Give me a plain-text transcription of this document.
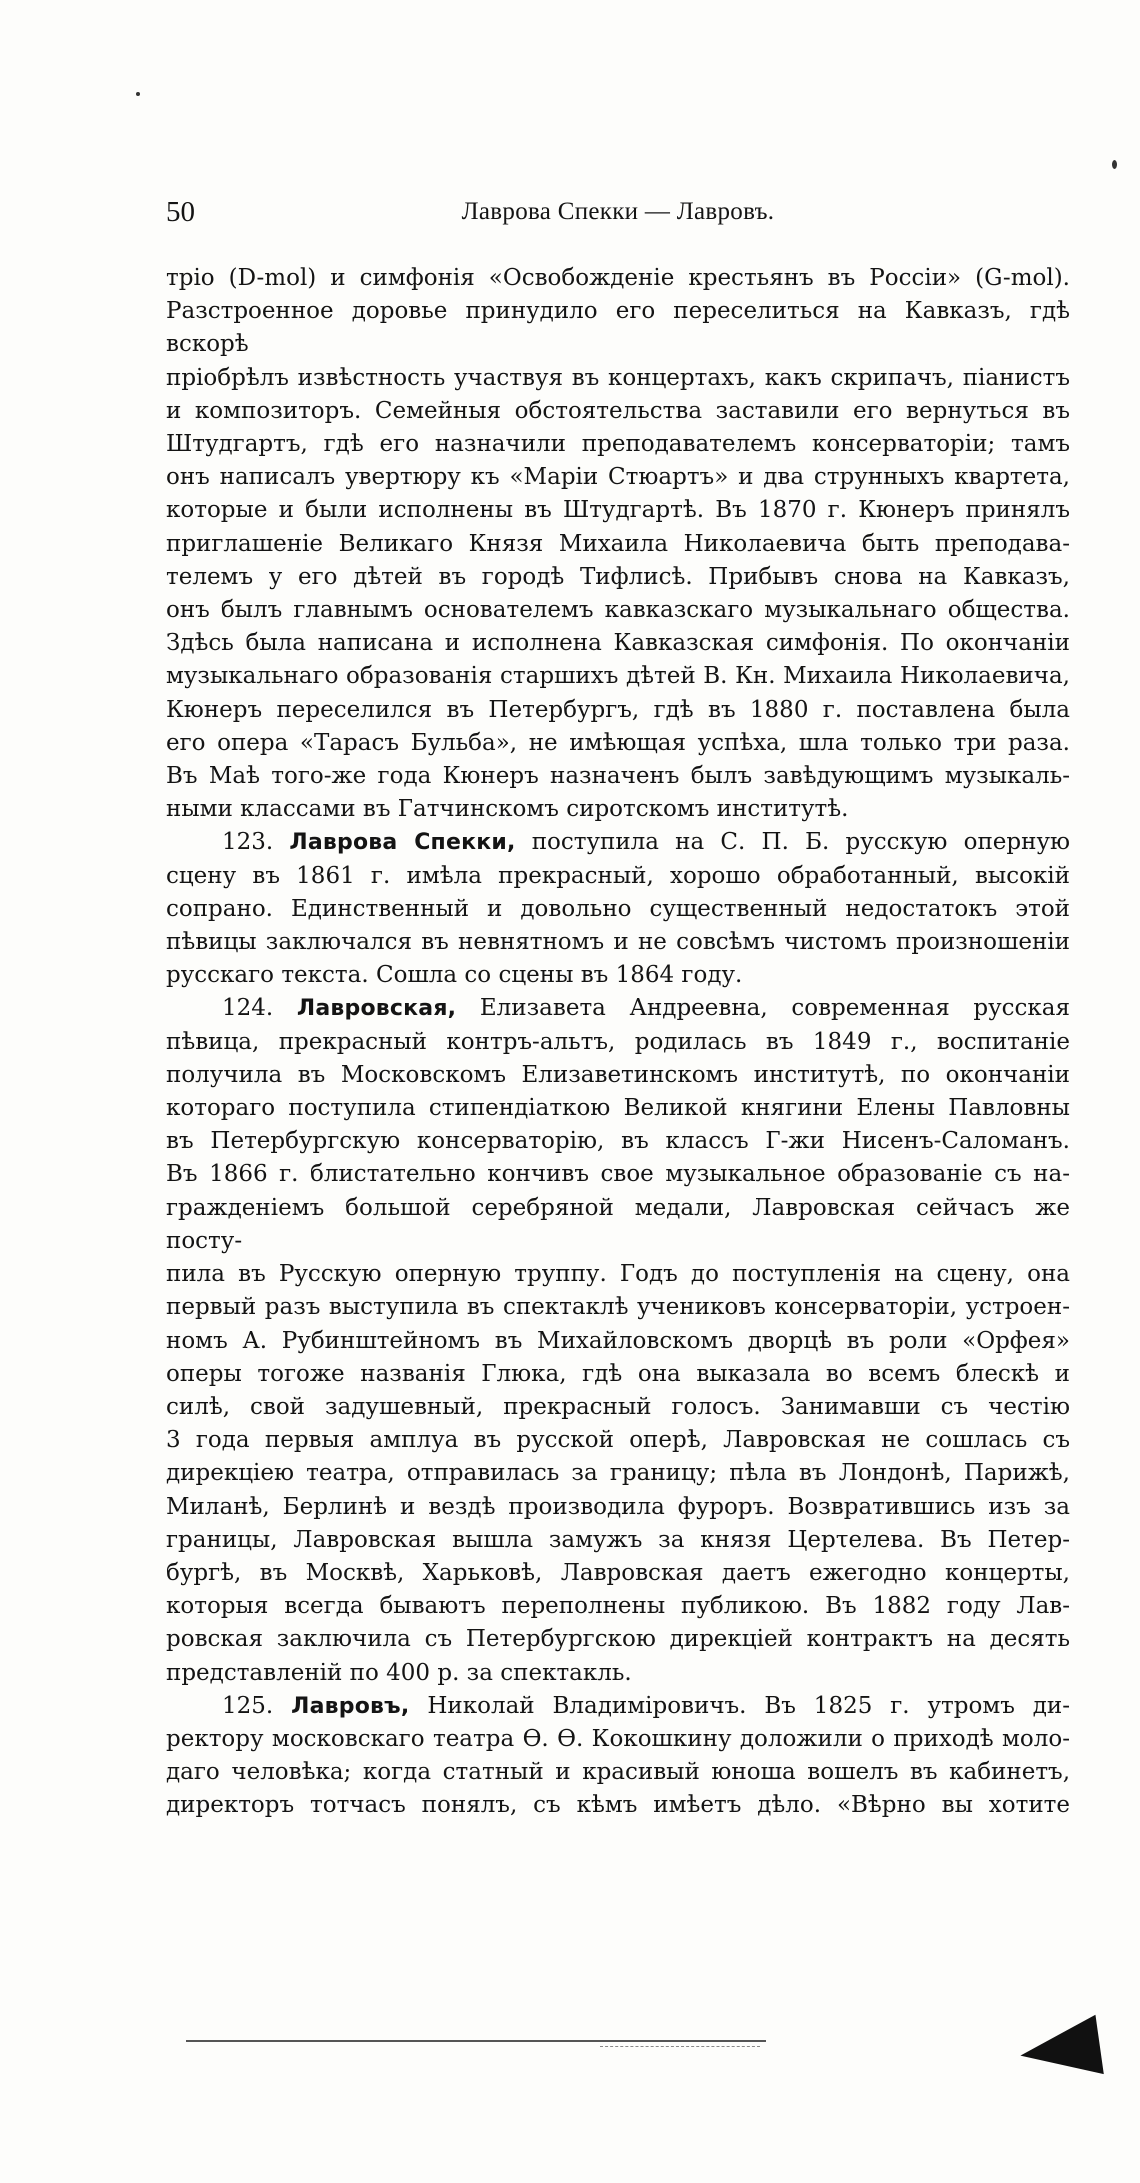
50	Лаврова Спекки — Лавровъ.

тріо (D-mol) и симфонія «Освобожденіе крестьянъ въ Россіи» (G-mol).
Разстроенное доровье принудило его переселиться на Кавказъ, гдѣ вскорѣ
пріобрѣлъ извѣстность участвуя въ концертахъ, какъ скрипачъ, піанистъ
и композиторъ. Семейныя обстоятельства заставили его вернуться въ
Штудгартъ, гдѣ его назначили преподавателемъ консерваторіи; тамъ
онъ написалъ увертюру къ «Маріи Стюартъ» и два струнныхъ квартета,
которые и были исполнены въ Штудгартѣ. Въ 1870 г. Кюнеръ принялъ
приглашеніе Великаго Князя Михаила Николаевича быть преподава-
телемъ у его дѣтей въ городѣ Тифлисѣ. Прибывъ снова на Кавказъ,
онъ былъ главнымъ основателемъ кавказскаго музыкальнаго общества.
Здѣсь была написана и исполнена Кавказская симфонія. По окончаніи
музыкальнаго образованія старшихъ дѣтей В. Кн. Михаила Николаевича,
Кюнеръ переселился въ Петербургъ, гдѣ въ 1880 г. поставлена была
его опера «Тарасъ Бульба», не имѣющая успѣха, шла только три раза.
Въ Маѣ того-же года Кюнеръ назначенъ былъ завѣдующимъ музыкаль-
ными классами въ Гатчинскомъ сиротскомъ институтѣ.

123. Лаврова Спекки, поступила на С. П. Б. русскую оперную
сцену въ 1861 г. имѣла прекрасный, хорошо обработанный, высокій
сопрано. Единственный и довольно существенный недостатокъ этой
пѣвицы заключался въ невнятномъ и не совсѣмъ чистомъ произношеніи
русскаго текста. Сошла со сцены въ 1864 году.

124. Лавровская, Елизавета Андреевна, современная русская
пѣвица, прекрасный контръ-альтъ, родилась въ 1849 г., воспитаніе
получила въ Московскомъ Елизаветинскомъ институтѣ, по окончаніи
котораго поступила стипендіаткою Великой княгини Елены Павловны
въ Петербургскую консерваторію, въ классъ Г-жи Нисенъ-Саломанъ.
Въ 1866 г. блистательно кончивъ свое музыкальное образованіе съ на-
гражденіемъ большой серебряной медали, Лавровская сейчасъ же посту-
пила въ Русскую оперную труппу. Годъ до поступленія на сцену, она
первый разъ выступила въ спектаклѣ учениковъ консерваторіи, устроен-
номъ А. Рубинштейномъ въ Михайловскомъ дворцѣ въ роли «Орфея»
оперы тогоже названія Глюка, гдѣ она выказала во всемъ блескѣ и
силѣ, свой задушевный, прекрасный голосъ. Занимавши съ честію
3 года первыя амплуа въ русской оперѣ, Лавровская не сошлась съ
дирекціею театра, отправилась за границу; пѣла въ Лондонѣ, Парижѣ,
Миланѣ, Берлинѣ и вездѣ производила фуроръ. Возвратившись изъ за
границы, Лавровская вышла замужъ за князя Церτелева. Въ Петер-
бургѣ, въ Москвѣ, Харьковѣ, Лавровская даетъ ежегодно концерты,
которыя всегда бываютъ переполнены публикою. Въ 1882 году Лав-
ровская заключила съ Петербургскою дирекціей контрактъ на десять
представленій по 400 р. за спектакль.

125. Лавровъ, Николай Владиміровичъ. Въ 1825 г. утромъ ди-
ректору московскаго театра Ѳ. Ѳ. Кокошкину доложили о приходѣ моло-
даго человѣка; когда статный и красивый юноша вошелъ въ кабинетъ,
директоръ тотчасъ понялъ, съ кѣмъ имѣетъ дѣло. «Вѣрно вы хотите
